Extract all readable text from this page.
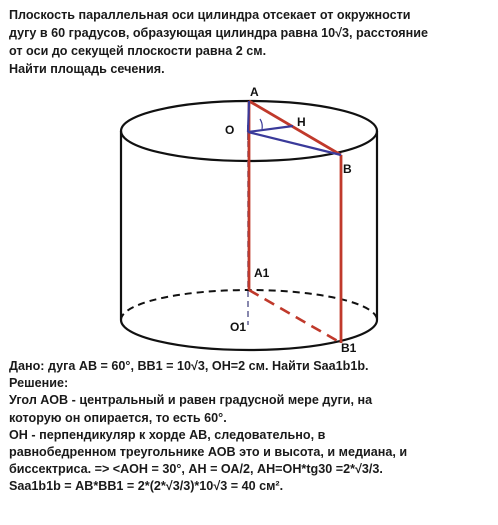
Плоскость параллельная оси цилиндра отсекает от окружности
дугу в 60 градусов, образующая цилиндра равна 10√3, расстояние
от оси до секущей плоскости равна 2 см.
Найти площадь сечения.
A
O
H
B
A1
O1
B1
Дано: дуга АВ = 60°, ВВ1 = 10√3, ОН=2 см. Найти Saa1b1b.
Решение:
Угол АОВ - центральный и равен градусной мере дуги, на
которую он опирается, то есть 60°.
ОН - перпендикуляр к хорде АВ, следовательно, в
равнобедренном треугольнике АОВ это и высота, и медиана, и
биссектриса. => <АОН = 30°, АН = ОА/2, АН=ОН*tg30 =2*√3/3.
Saa1b1b = АВ*ВВ1 = 2*(2*√3/3)*10√3 = 40 см².
